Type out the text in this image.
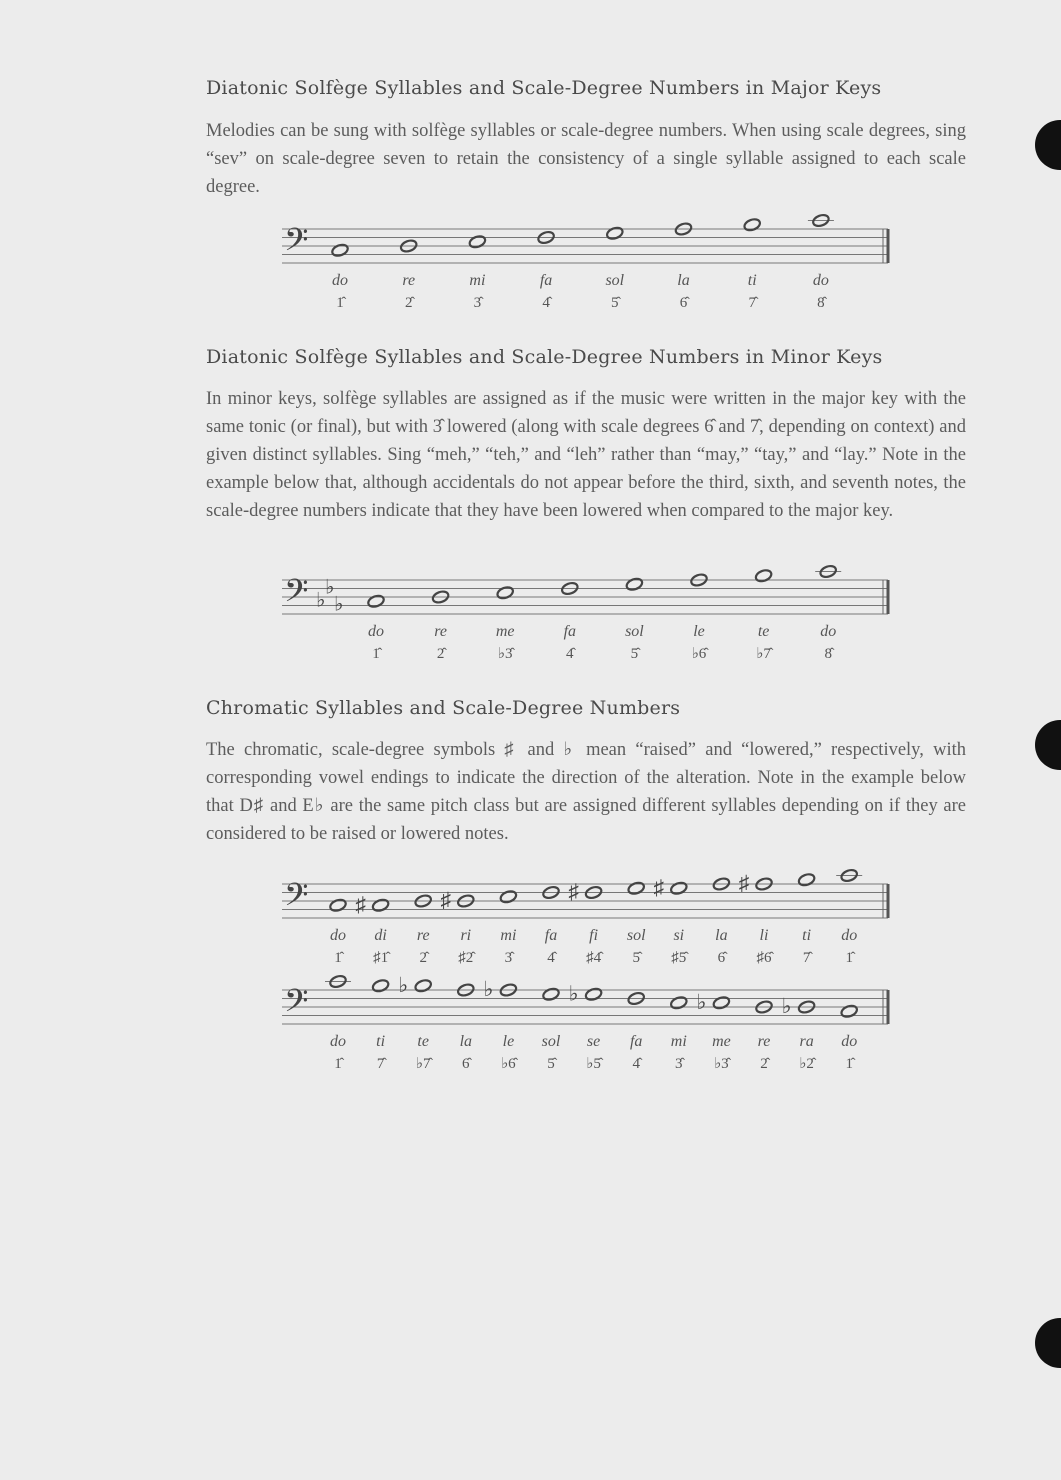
Diatonic Solfège Syllables and Scale-Degree Numbers in Major Keys

Melodies can be sung with solfège syllables or scale-degree numbers. When using scale degrees, sing “sev” on scale-degree seven to retain the consistency of a single syllable assigned to each scale degree.

𝄢
do
1̂
re
2̂
mi
3̂
fa
4̂
sol
5̂
la
6̂
ti
7̂
do
8̂
Diatonic Solfège Syllables and Scale-Degree Numbers in Minor Keys

In minor keys, solfège syllables are assigned as if the music were written in the major key with the same tonic (or final), but with 3̂ lowered (along with scale degrees 6̂ and 7̂, depending on context) and given distinct syllables. Sing “meh,” “teh,” and “leh” rather than “may,” “tay,” and “lay.” Note in the example below that, although accidentals do not appear before the third, sixth, and seventh notes, the scale-degree numbers indicate that they have been lowered when compared to the major key.

𝄢 ♭
♭
♭
do
1̂
re
2̂
me
♭3̂
fa
4̂
sol
5̂
le
♭6̂
te
♭7̂
do
8̂
Chromatic Syllables and Scale-Degree Numbers

The chromatic, scale-degree symbols ♯ and ♭ mean “raised” and “lowered,” respectively, with corresponding vowel endings to indicate the direction of the alteration. Note in the example below that D♯ and E♭ are the same pitch class but are assigned different syllables depending on if they are considered to be raised or lowered notes.

𝄢
do
1̂
♯
di
♯1̂
re
2̂
♯
ri
♯2̂
mi
3̂
fa
4̂
♯
fi
♯4̂
sol
5̂
♯
si
♯5̂
la
6̂
♯
li
♯6̂
ti
7̂
do
1̂
𝄢
do
1̂
ti
7̂
♭
te
♭7̂
la
6̂
♭
le
♭6̂
sol
5̂
♭
se
♭5̂
fa
4̂
mi
3̂
♭
me
♭3̂
re
2̂
♭
ra
♭2̂
do
1̂
